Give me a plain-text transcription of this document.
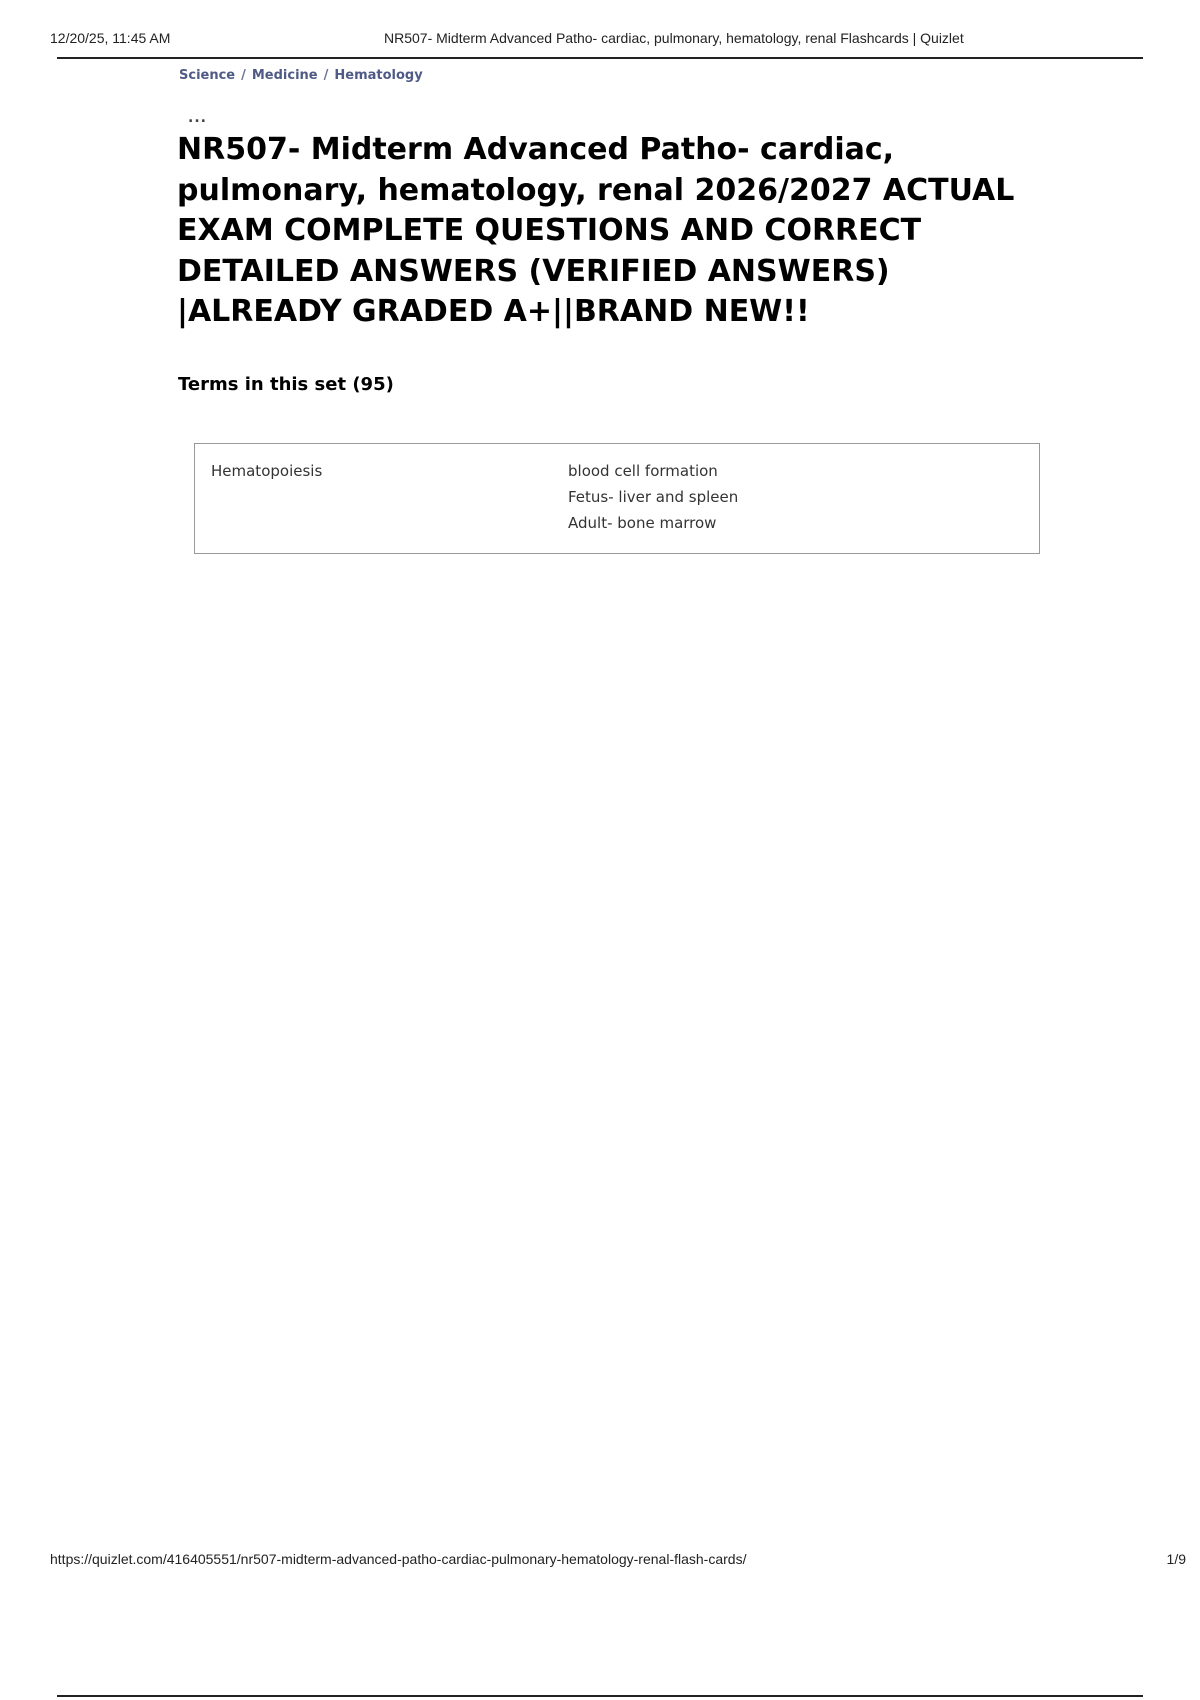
12/20/25, 11:45 AM	NR507- Midterm Advanced Patho- cardiac, pulmonary, hematology, renal Flashcards | Quizlet
Science / Medicine / Hematology
...
NR507- Midterm Advanced Patho- cardiac, pulmonary, hematology, renal 2026/2027 ACTUAL EXAM COMPLETE QUESTIONS AND CORRECT DETAILED ANSWERS (VERIFIED ANSWERS) |ALREADY GRADED A+||BRAND NEW!!
Terms in this set (95)
Hematopoiesis	blood cell formation
Fetus- liver and spleen
Adult- bone marrow
https://quizlet.com/416405551/nr507-midterm-advanced-patho-cardiac-pulmonary-hematology-renal-flash-cards/	1/9
